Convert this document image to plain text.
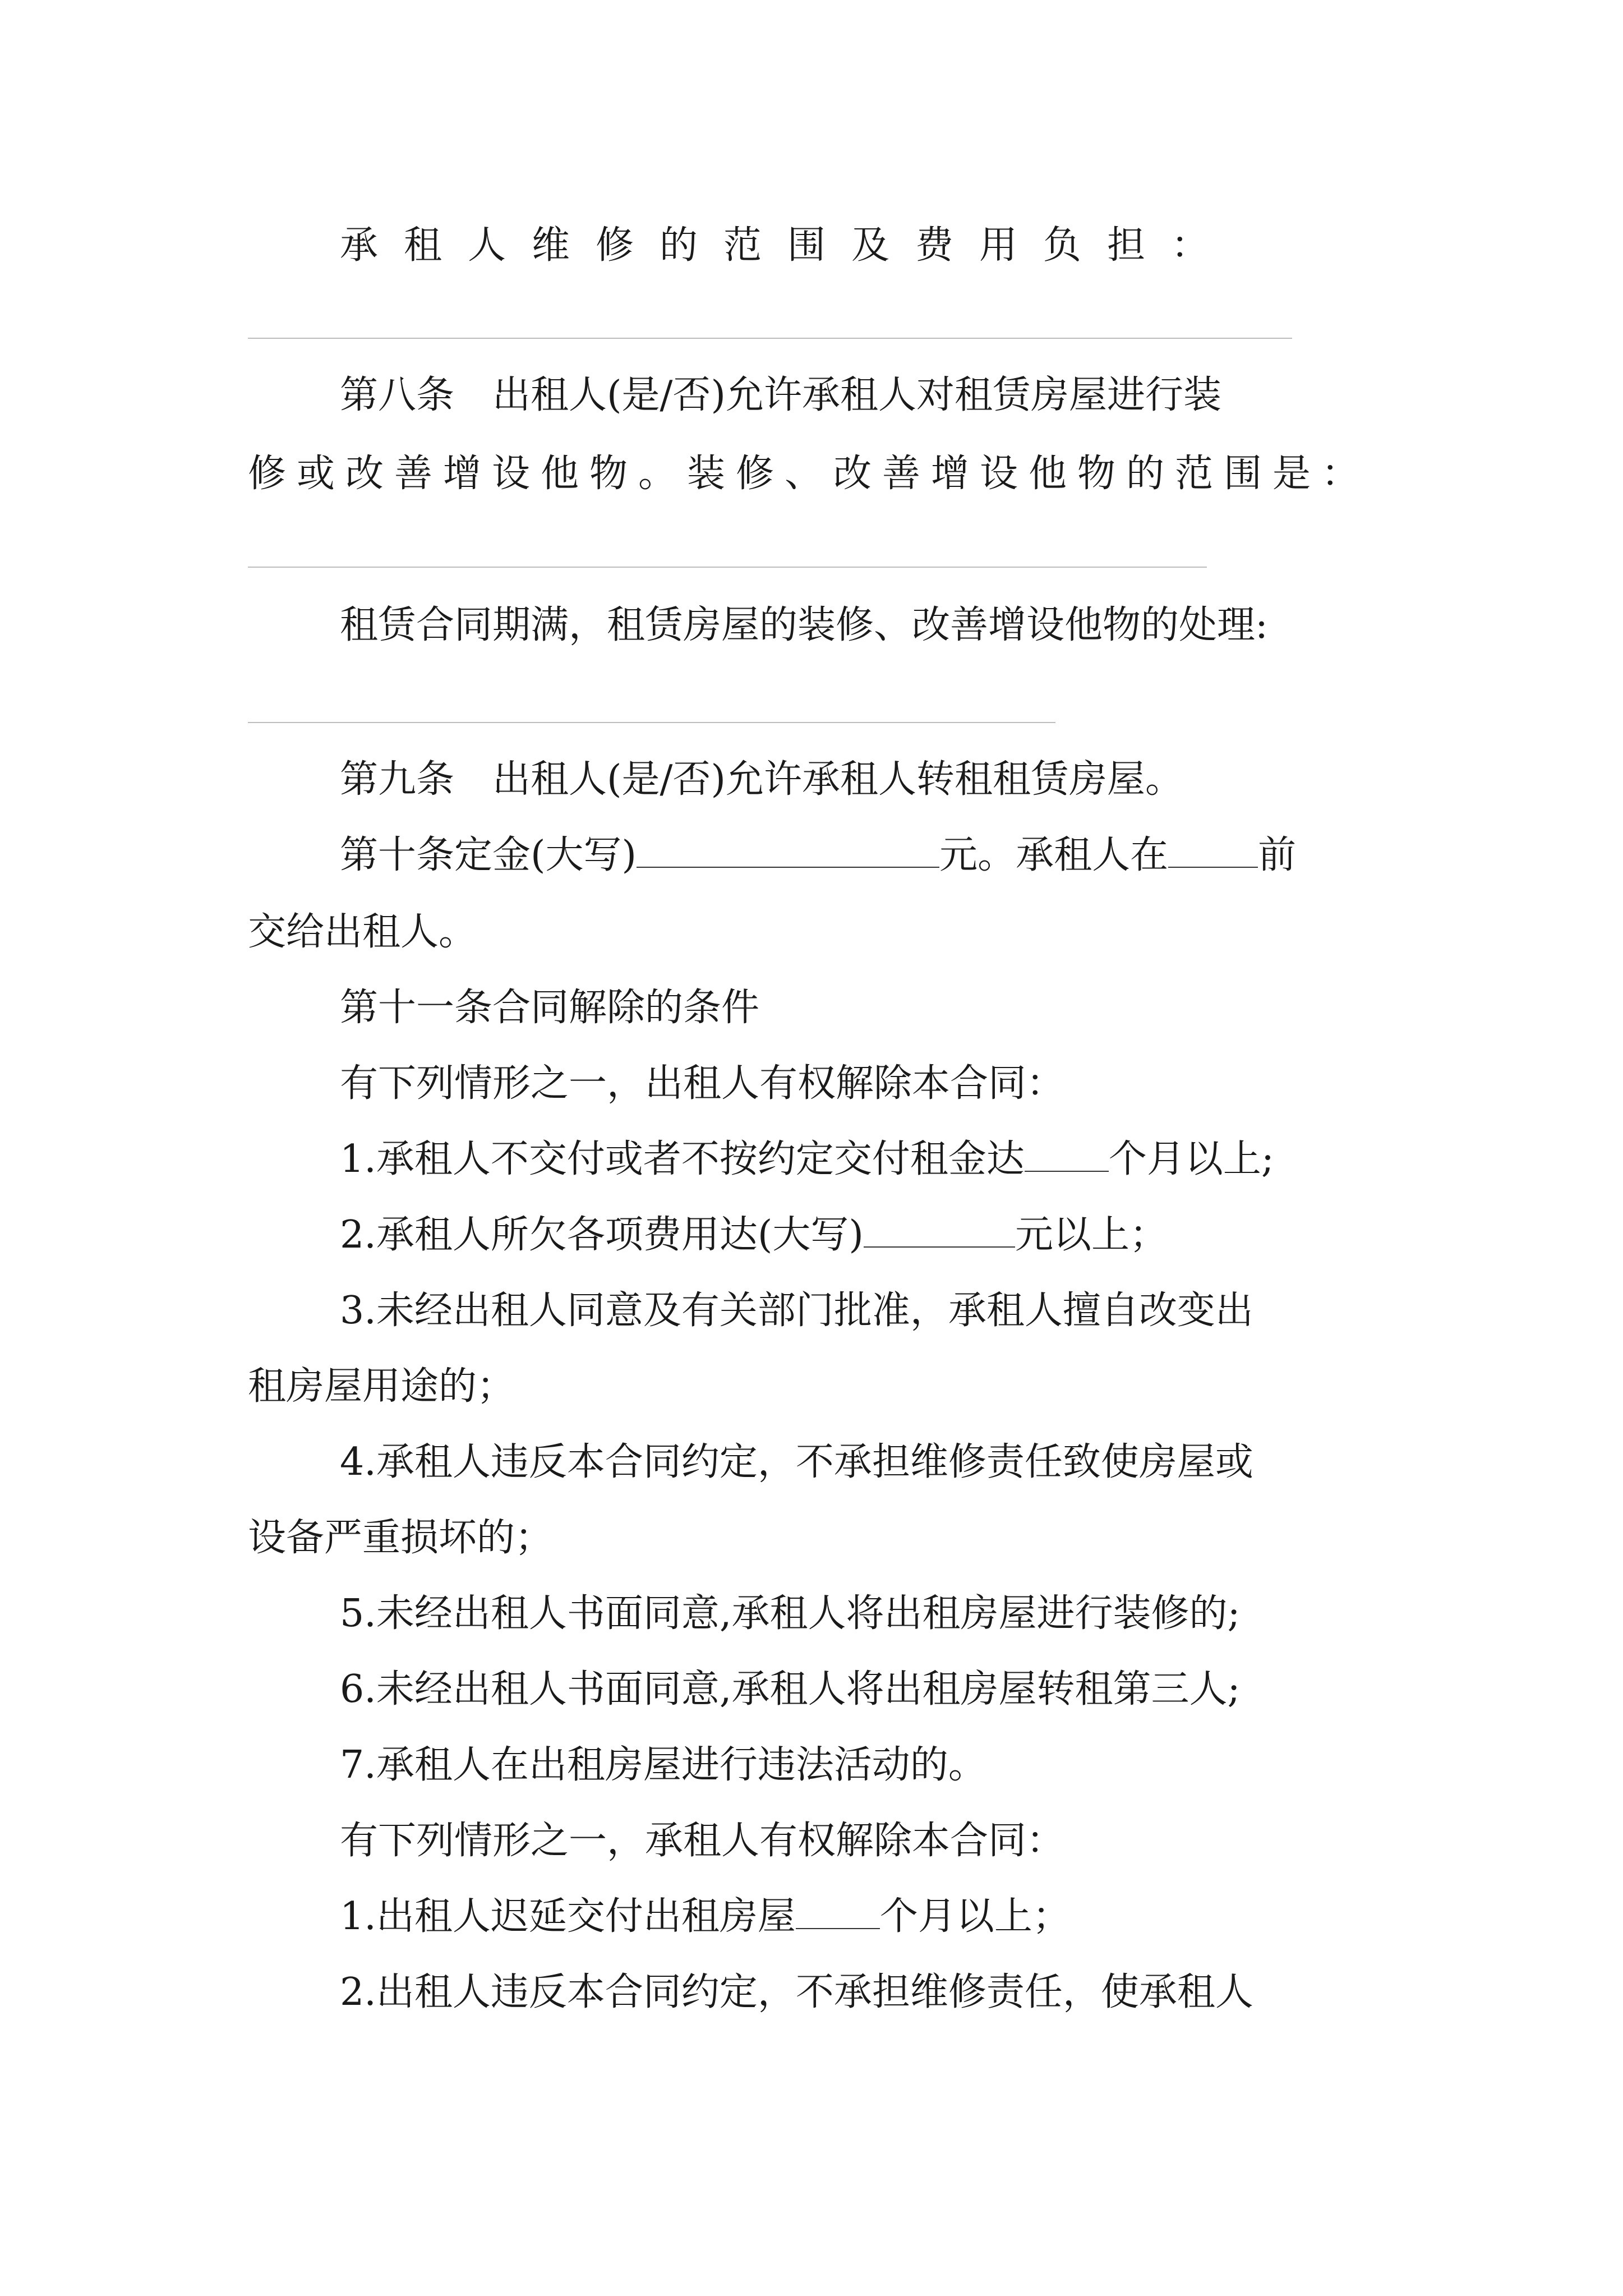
承租人维修的范围及费用负担：

第八条　出租人(是/否)允许承租人对租赁房屋进行装

修或改善增设他物。装修、改善增设他物的范围是：

租赁合同期满，租赁房屋的装修、改善增设他物的处理:

第九条　出租人(是/否)允许承租人转租租赁房屋。

第十条定金(大写)	元。承租人在 前

交给出租人。

第十一条合同解除的条件

有下列情形之一，出租人有权解除本合同：

1.承租人不交付或者不按约定交付租金达 个月以上;

2.承租人所欠各项费用达(大写)	元以上；

3.未经出租人同意及有关部门批准，承租人擅自改变出

租房屋用途的；

4.承租人违反本合同约定，不承担维修责任致使房屋或

设备严重损坏的；

5.未经出租人书面同意,承租人将出租房屋进行装修的;

6.未经出租人书面同意,承租人将出租房屋转租第三人;

7.承租人在出租房屋进行违法活动的。

有下列情形之一，承租人有权解除本合同：

1.出租人迟延交付出租房屋 个月以上；

2.出租人违反本合同约定，不承担维修责任，使承租人
